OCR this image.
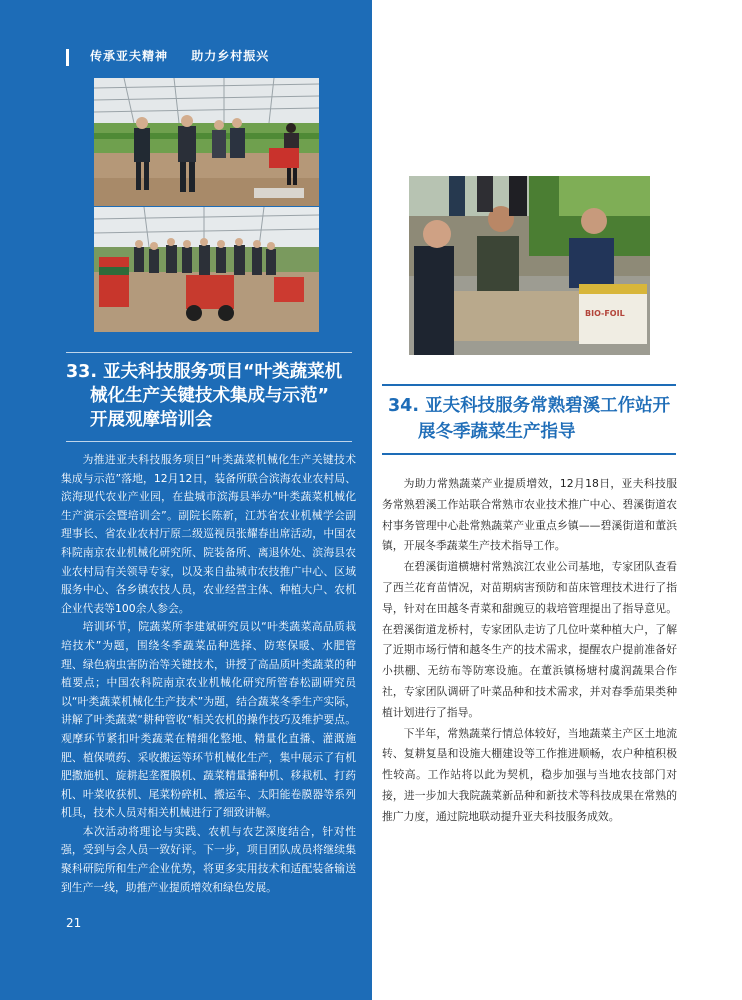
传承亚夫精神 助力乡村振兴
BIO-FOIL
33. 亚夫科技服务项目“叶类蔬菜机
械化生产关键技术集成与示范”
开展观摩培训会

为推进亚夫科技服务项目“叶类蔬菜机械化生产关键技术集成与示范”落地，12月12日，装备所联合滨海农业农村局、滨海现代农业产业园，在盐城市滨海县举办“叶类蔬菜机械化生产演示会暨培训会”。副院长陈新，江苏省农业机械学会副理事长、省农业农村厅原二级巡视员张耀春出席活动，中国农科院南京农业机械化研究所、院装备所、离退休处、滨海县农业农村局有关领导专家，以及来自盐城市农技推广中心、区域服务中心、各乡镇农技人员，农业经营主体、种植大户、农机企业代表等100余人参会。

培训环节，院蔬菜所李建斌研究员以“叶类蔬菜高品质栽培技术”为题，围绕冬季蔬菜品种选择、防寒保暖、水肥管理、绿色病虫害防治等关键技术，讲授了高品质叶类蔬菜的种植要点；中国农科院南京农业机械化研究所管春松副研究员以“叶类蔬菜机械化生产技术”为题，结合蔬菜冬季生产实际，讲解了叶类蔬菜“耕种管收”相关农机的操作技巧及维护要点。观摩环节紧扣叶类蔬菜在精细化整地、精量化直播、灌溉施肥、植保喷药、采收搬运等环节机械化生产，集中展示了有机肥撒施机、旋耕起垄覆膜机、蔬菜精量播种机、移栽机、打药机、叶菜收获机、尾菜粉碎机、搬运车、太阳能卷膜器等系列机具，技术人员对相关机械进行了细致讲解。

本次活动将理论与实践、农机与农艺深度结合，针对性强，受到与会人员一致好评。下一步，项目团队成员将继续集聚科研院所和生产企业优势，将更多实用技术和适配装备输送到生产一线，助推产业提质增效和绿色发展。

21
34. 亚夫科技服务常熟碧溪工作站开
展冬季蔬菜生产指导

为助力常熟蔬菜产业提质增效，12月18日，亚夫科技服务常熟碧溪工作站联合常熟市农业技术推广中心、碧溪街道农村事务管理中心赴常熟蔬菜产业重点乡镇——碧溪街道和董浜镇，开展冬季蔬菜生产技术指导工作。

在碧溪街道横塘村常熟滨江农业公司基地，专家团队查看了西兰花育苗情况，对苗期病害预防和苗床管理技术进行了指导，针对在田越冬青菜和甜豌豆的栽培管理提出了指导意见。在碧溪街道龙桥村，专家团队走访了几位叶菜种植大户，了解了近期市场行情和越冬生产的技术需求，提醒农户提前准备好小拱棚、无纺布等防寒设施。在董浜镇杨塘村虞润蔬果合作社，专家团队调研了叶菜品种和技术需求，并对春季茄果类种植计划进行了指导。

下半年，常熟蔬菜行情总体较好，当地蔬菜主产区土地流转、复耕复垦和设施大棚建设等工作推进顺畅，农户种植积极性较高。工作站将以此为契机，稳步加强与当地农技部门对接，进一步加大我院蔬菜新品种和新技术等科技成果在常熟的推广力度，通过院地联动提升亚夫科技服务成效。
